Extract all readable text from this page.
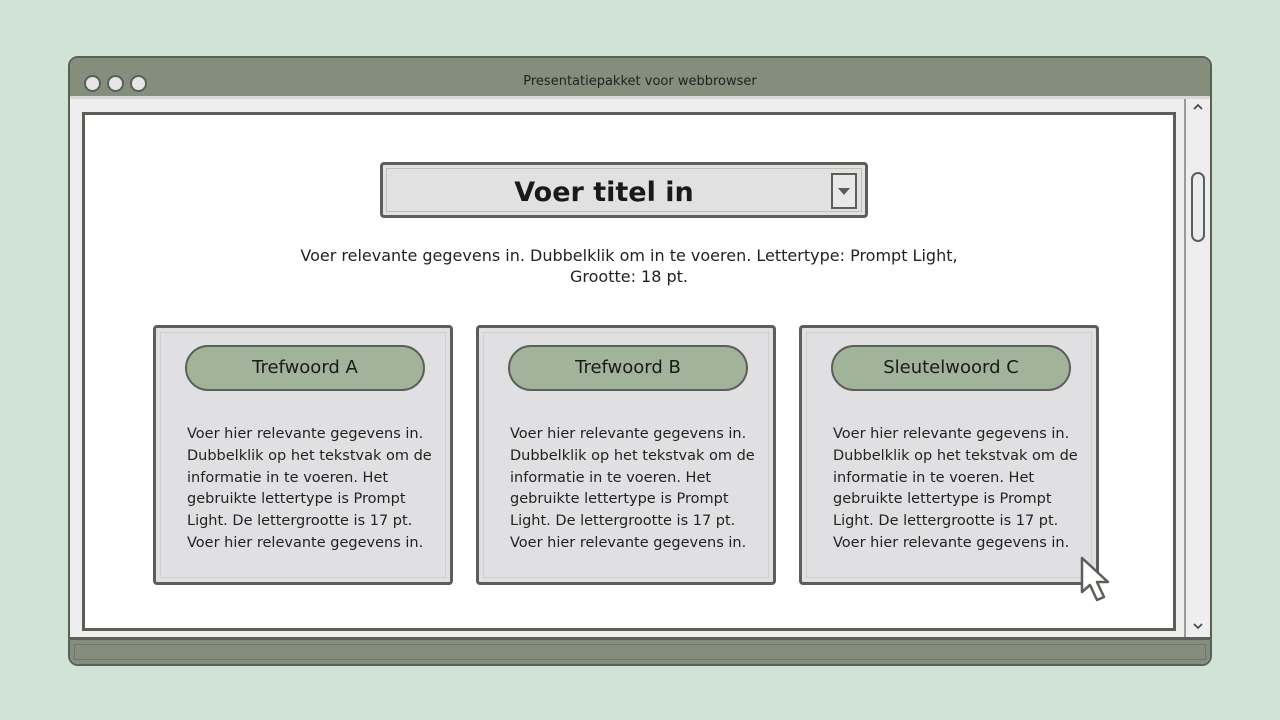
Presentatiepakket voor webbrowser
Voer titel in
Voer relevante gegevens in. Dubbelklik om in te voeren. Lettertype: Prompt Light, Grootte: 18 pt.
Trefwoord A
Voer hier relevante gegevens in. Dubbelklik op het tekstvak om de informatie in te voeren. Het gebruikte lettertype is Prompt Light. De lettergrootte is 17 pt. Voer hier relevante gegevens in.
Trefwoord B
Voer hier relevante gegevens in. Dubbelklik op het tekstvak om de informatie in te voeren. Het gebruikte lettertype is Prompt Light. De lettergrootte is 17 pt. Voer hier relevante gegevens in.
Sleutelwoord C
Voer hier relevante gegevens in. Dubbelklik op het tekstvak om de informatie in te voeren. Het gebruikte lettertype is Prompt Light. De lettergrootte is 17 pt. Voer hier relevante gegevens in.
